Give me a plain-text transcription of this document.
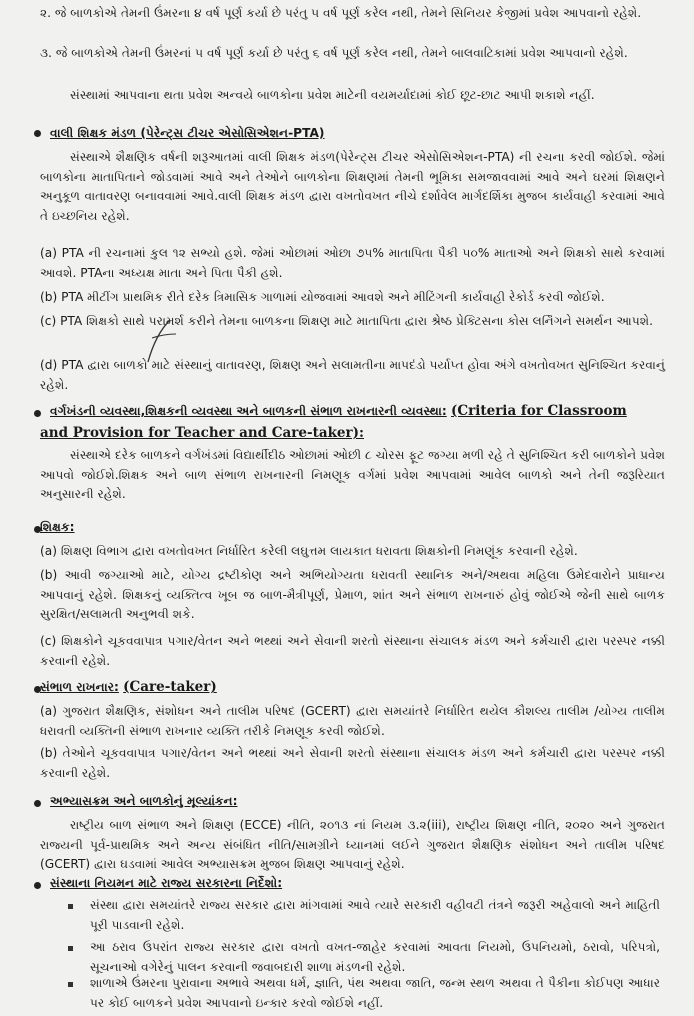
૨. જે બાળકોએ તેમની ઉંમરના ૪ વર્ષ પૂર્ણ કર્યા છે પરંતુ ૫ વર્ષ પૂર્ણ કરેલ નથી, તેમને સિનિયર કેજીમાં પ્રવેશ આપવાનો રહેશે.
૩. જે બાળકોએ તેમની ઉંમરનાં ૫ વર્ષ પૂર્ણ કર્યા છે પરંતુ ૬ વર્ષ પૂર્ણ કરેલ નથી, તેમને બાલવાટિકામાં પ્રવેશ આપવાનો રહેશે.
સંસ્થામાં આપવાના થતા પ્રવેશ અન્વયે બાળકોના પ્રવેશ માટેની વયમર્યાદામાં કોઈ છૂટ-છાટ આપી શકાશે નહીં.
વાલી શિક્ષક મંડળ (પેરેન્ટ્સ ટીચર એસોસિએશન-PTA)
સંસ્થાએ શૈક્ષણિક વર્ષની શરૂઆતમાં વાલી શિક્ષક મંડળ(પેરેન્ટ્સ ટીચર એસોસિએશન-PTA) ની રચના કરવી જોઈશે. જેમાં બાળકોના માતાપિતાને જોડવામાં આવે અને તેઓને બાળકોના શિક્ષણમાં તેમની ભૂમિકા સમજાવવામાં આવે અને ઘરમાં શિક્ષણને અનુકૂળ વાતાવરણ બનાવવામાં આવે.વાલી શિક્ષક મંડળ દ્વારા વખતોવખત નીચે દર્શાવેલ માર્ગદર્શિકા મુજબ કાર્યવાહી કરવામાં આવે તે ઇચ્છનિય રહેશે.
(a) PTA ની રચનામાં કુલ ૧૨ સભ્યો હશે. જેમાં ઓછામાં ઓછા ૭૫% માતાપિતા પૈકી ૫૦% માતાઓ અને શિક્ષકો સાથે કરવામાં આવશે. PTAના અધ્યક્ષ માતા અને પિતા પૈકી હશે.
(b) PTA મીટીંગ પ્રાથમિક રીતે દરેક ત્રિમાસિક ગાળામાં યોજવામાં આવશે અને મીટિંગની કાર્યવાહી રેકોર્ડ કરવી જોઈશે.
(c) PTA શિક્ષકો સાથે પરામર્શ કરીને તેમના બાળકના શિક્ષણ માટે માતાપિતા દ્વારા શ્રેષ્ઠ પ્રેક્ટિસના કોસ લર્નિંગને સમર્થન આપશે.
(d) PTA દ્વારા બાળકો માટે સંસ્થાનું વાતાવરણ, શિક્ષણ અને સલામતીના માપદંડો પર્યાપ્ત હોવા અંગે વખતોવખત સુનિશ્ચિત કરવાનું રહેશે.
વર્ગખંડની વ્યવસ્થા,શિક્ષકની વ્યવસ્થા અને બાળકની સંભાળ રાખનારની વ્યવસ્થા: (Criteria for Classroom
and Provision for Teacher and Care-taker):
સંસ્થાએ દરેક બાળકને વર્ગખંડમાં વિદ્યાર્થીદીઠ ઓછામાં ઓછી ૮ ચોરસ ફૂટ જગ્યા મળી રહે તે સુનિશ્ચિત કરી બાળકોને પ્રવેશ આપવો જોઈશે.શિક્ષક અને બાળ સંભાળ રાખનારની નિમણૂક વર્ગમાં પ્રવેશ આપવામાં આવેલ બાળકો અને તેની જરૂરિયાત અનુસારની રહેશે.
શિક્ષક:
(a) શિક્ષણ વિભાગ દ્વારા વખતોવખત નિર્ધારિત કરેલી લઘુત્તમ લાયકાત ધરાવતા શિક્ષકોની નિમણૂંક કરવાની રહેશે.
(b) આવી જગ્યાઓ માટે, યોગ્ય દ્રષ્ટીકોણ અને અભિયોગ્યતા ધરાવતી સ્થાનિક અને/અથવા મહિલા ઉમેદવારોને પ્રાધાન્ય આપવાનું રહેશે. શિક્ષકનું વ્યક્તિત્વ ખૂબ જ બાળ-મૈત્રીપૂર્ણ, પ્રેમાળ, શાંત અને સંભાળ રાખનારું હોવું જોઈએ જેની સાથે બાળક સુરક્ષિત/સલામતી અનુભવી શકે.
(c) શિક્ષકોને ચૂકવવાપાત્ર પગાર/વેતન અને ભથ્થાં અને સેવાની શરતો સંસ્થાના સંચાલક મંડળ અને કર્મચારી દ્વારા પરસ્પર નક્કી કરવાની રહેશે.
સંભાળ રાખનાર: (Care-taker)
(a) ગુજરાત શૈક્ષણિક, સંશોધન અને તાલીમ પરિષદ (GCERT) દ્વારા સમયાંતરે નિર્ધારિત થયેલ કૌશલ્ય તાલીમ /યોગ્ય તાલીમ ધરાવતી વ્યક્તિની સંભાળ રાખનાર વ્યક્તિ તરીકે નિમણૂક કરવી જોઈશે.
(b) તેઓને ચૂકવવાપાત્ર પગાર/વેતન અને ભથ્થાં અને સેવાની શરતો સંસ્થાના સંચાલક મંડળ અને કર્મચારી દ્વારા પરસ્પર નક્કી કરવાની રહેશે.
અભ્યાસક્રમ અને બાળકોનું મૂલ્યાંકન:
રાષ્ટ્રીય બાળ સંભાળ અને શિક્ષણ (ECCE) નીતિ, ૨૦૧૩ નાં નિયમ ૩.૨(iii), રાષ્ટ્રીય શિક્ષણ નીતિ, ૨૦૨૦ અને ગુજરાત રાજ્યની પૂર્વ-પ્રાથમિક અને અન્ય સંબંધિત નીતિ/સામગ્રીને ધ્યાનમાં લઈને ગુજરાત શૈક્ષણિક સંશોધન અને તાલીમ પરિષદ (GCERT) દ્વારા ઘડવામાં આવેલ અભ્યાસક્રમ મુજબ શિક્ષણ આપવાનું રહેશે.
સંસ્થાના નિયમન માટે રાજ્ય સરકારના નિર્દેશો:
સંસ્થા દ્વારા સમયાંતરે રાજ્ય સરકાર દ્વારા માંગવામાં આવે ત્યારે સરકારી વહીવટી તંત્રને જરૂરી અહેવાલો અને માહિતી પૂરી પાડવાની રહેશે.
આ ઠરાવ ઉપરાંત રાજ્ય સરકાર દ્વારા વખતો વખત-જાહેર કરવામાં આવતા નિયમો, ઉપનિયમો, ઠરાવો, પરિપત્રો, સૂચનાઓ વગેરેનું પાલન કરવાની જવાબદારી શાળા મંડળની રહેશે.
શાળાએ ઉંમરના પુરાવાના અભાવે અથવા ધર્મ, જ્ઞાતિ, પંથ અથવા જાતિ, જન્મ સ્થળ અથવા તે પૈકીના કોઈપણ આધાર પર કોઈ બાળકને પ્રવેશ આપવાનો ઇન્કાર કરવો જોઈશે નહીં.
